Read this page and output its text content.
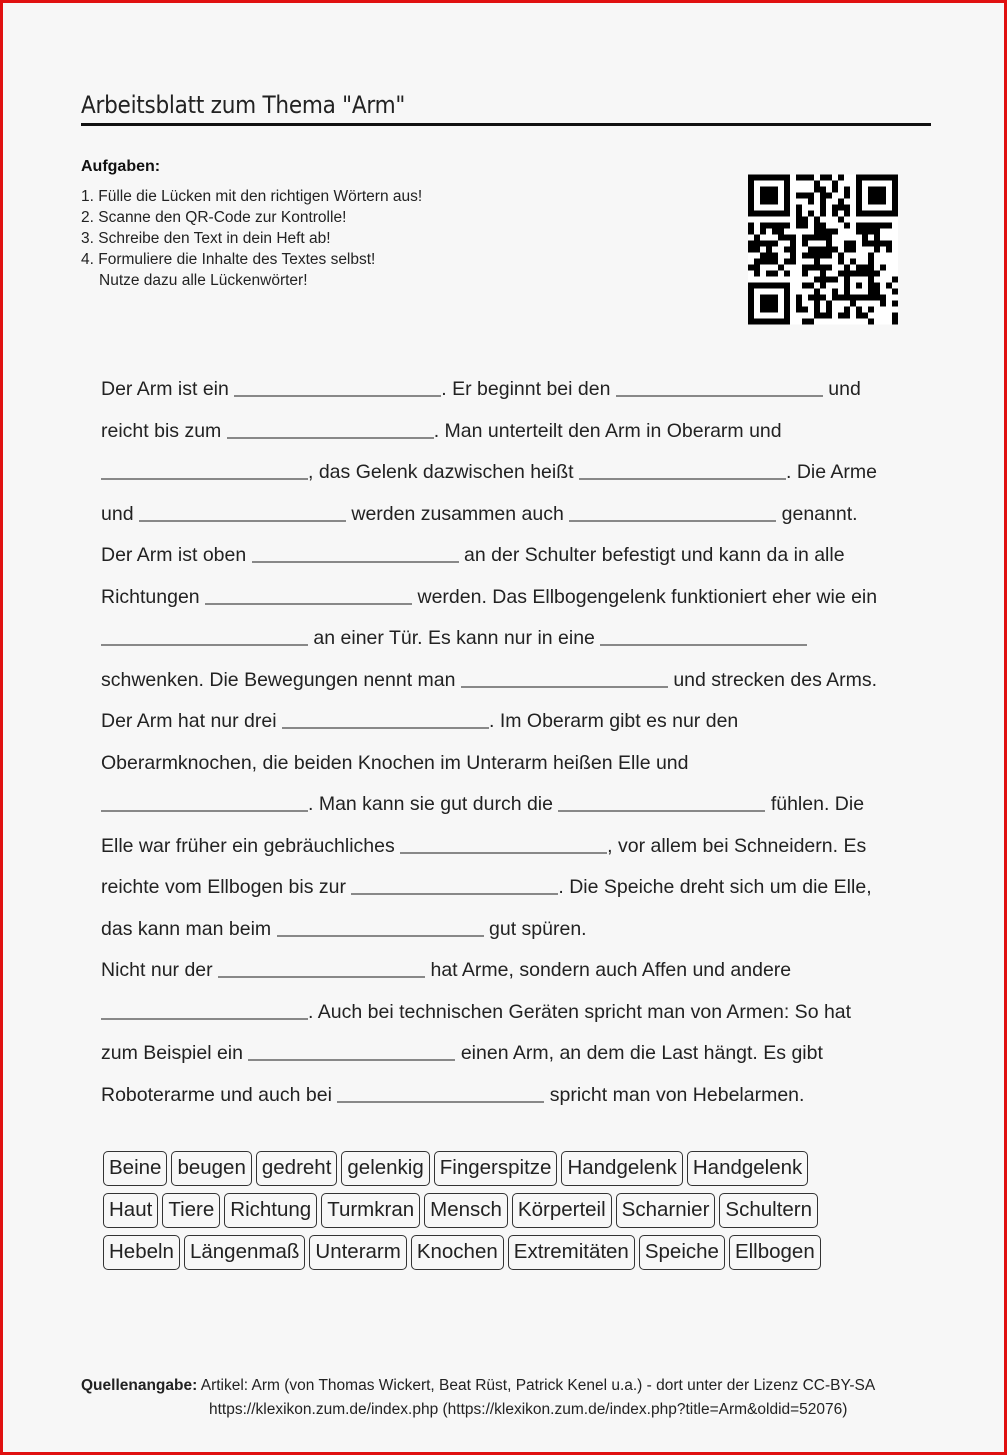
Arbeitsblatt zum Thema "Arm"
Aufgaben:
1. Fülle die Lücken mit den richtigen Wörtern aus!
2. Scanne den QR-Code zur Kontrolle!
3. Schreibe den Text in dein Heft ab!
4. Formuliere die Inhalte des Textes selbst!
Nutze dazu alle Lückenwörter!
Der Arm ist ein	. Er beginnt bei den	und
reicht bis zum	. Man unterteilt den Arm in Oberarm und
, das Gelenk dazwischen heißt	. Die Arme
und	werden zusammen auch	genannt.
Der Arm ist oben	an der Schulter befestigt und kann da in alle
Richtungen	werden. Das Ellbogengelenk funktioniert eher wie ein
an einer Tür. Es kann nur in eine
schwenken. Die Bewegungen nennt man	und strecken des Arms.
Der Arm hat nur drei	. Im Oberarm gibt es nur den
Oberarmknochen, die beiden Knochen im Unterarm heißen Elle und
. Man kann sie gut durch die	fühlen. Die
Elle war früher ein gebräuchliches	, vor allem bei Schneidern. Es
reichte vom Ellbogen bis zur	. Die Speiche dreht sich um die Elle,
das kann man beim	gut spüren.
Nicht nur der	hat Arme, sondern auch Affen und andere
. Auch bei technischen Geräten spricht man von Armen: So hat
zum Beispiel ein	einen Arm, an dem die Last hängt. Es gibt
Roboterarme und auch bei	spricht man von Hebelarmen.
Beine beugen gedreht gelenkig Fingerspitze Handgelenk Handgelenk
Haut Tiere Richtung Turmkran Mensch Körperteil Scharnier Schultern
Hebeln Längenmaß Unterarm Knochen Extremitäten Speiche Ellbogen
Quellenangabe: Artikel: Arm (von Thomas Wickert, Beat Rüst, Patrick Kenel u.a.) - dort unter der Lizenz CC-BY-SA
https://klexikon.zum.de/index.php (https://klexikon.zum.de/index.php?title=Arm&oldid=52076)
